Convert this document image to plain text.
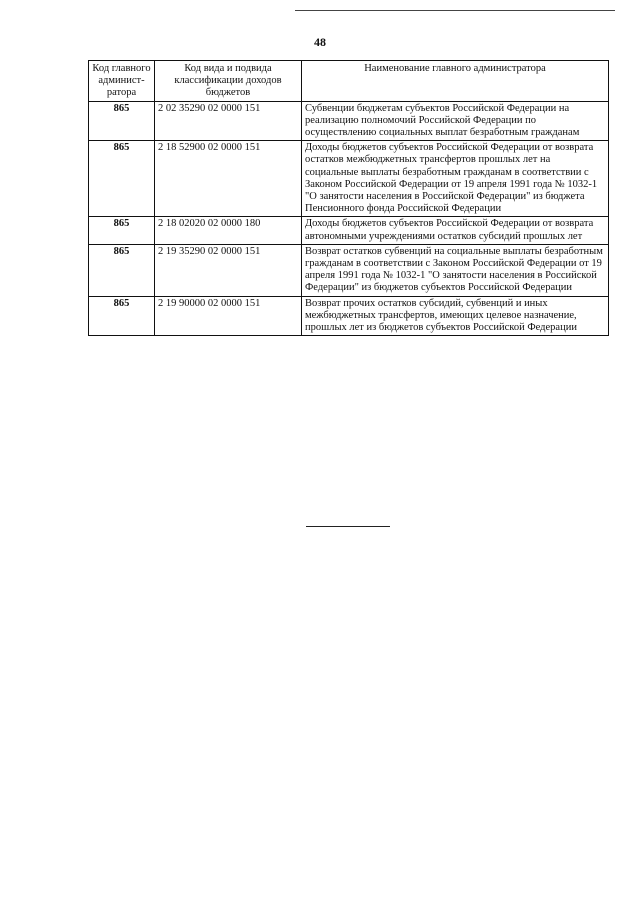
48
Код главного админист-ратора	Код вида и подвида классификации доходов бюджетов	Наименование главного администратора
865	2 02 35290 02 0000 151	Субвенции бюджетам субъектов Российской Федерации на реализацию полномочий Российской Федерации по осуществлению социальных выплат безработным гражданам
865	2 18 52900 02 0000 151	Доходы бюджетов субъектов Российской Федерации от возврата остатков межбюджетных трансфертов прошлых лет на социальные выплаты безработным гражданам в соответствии с Законом Российской Федерации от 19 апреля 1991 года № 1032-1 "О занятости населения в Российской Федерации" из бюджета Пенсионного фонда Российской Федерации
865	2 18 02020 02 0000 180	Доходы бюджетов субъектов Российской Федерации от возврата автономными учреждениями остатков субсидий прошлых лет
865	2 19 35290 02 0000 151	Возврат остатков субвенций на социальные выплаты безработным гражданам в соответствии с Законом Российской Федерации от 19 апреля 1991 года № 1032-1 "О занятости населения в Российской Федерации" из бюджетов субъектов Российской Федерации
865	2 19 90000 02 0000 151	Возврат прочих остатков субсидий, субвенций и иных межбюджетных трансфертов, имеющих целевое назначение, прошлых лет из бюджетов субъектов Российской Федерации
